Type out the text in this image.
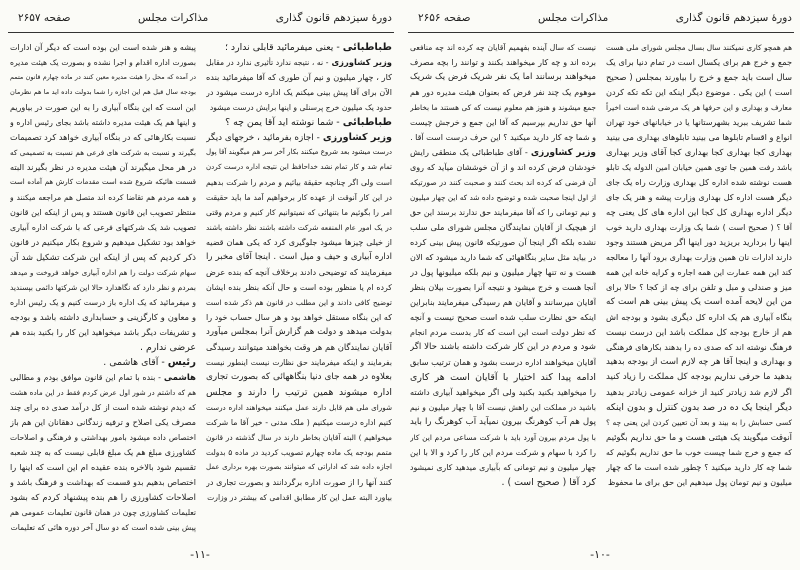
دورهٔ سیزدهم قانون گذاری
مذاکرات مجلس
صفحه ۲۶۵۷
طباطبائی- یعنی میفرمائید قابلی ندارد ؛
وزیر کشاورزی- نه ، نتیجه ندارد تأثیری ندارد در مقابل
کار ، چهار میلیون و نیم آن طوری که آقا میفرمائید بنده
الآن برای آقا پیش بینی میکنم یک اداره درست میشود در
حدود یک میلیون خرج پرسنلی و اینها برایش درست میشود
طباطبائی- شما نوشته اید آقا یمن چه ؟
وزیر کشاورزی- اجازه بفرمائید ، خرجهای دیگر
درست میشود بعد شروع میکنند بکار آخر سر هم میگویند آقا پول
تمام شد و کار تمام نشد خداحافظ این نتیجه اداره درست کردن
است ولی اگر چنانچه حقیقة بیائیم و مردم را شرکت بدهیم
در این کار آنوقت از عهده کار برخواهیم آمد ما باید حقیقت
امر را بگوئیم ما بتنهائی که نمیتوانیم کار کنیم و مردم وقتی
در یک امور عام المنفعه شرکت داشته باشند نظر داشته باشند
از خیلی چیزها میشود جلوگیری کرد که یکی همان قضیه
اداره آبیاری و حیف و میل است . اینجا آقای مخبر را
میفرمایند که توضیحی دادند برخلاف آنچه که بنده عرض
کرده ام یا منظور بوده است و حال آنکه بنظر بنده ایشان
توضیح کافی دادند و این مطلب در قانون هم ذکر شده است
که این بنگاه مستقل خواهد بود و هر سال حساب خود را
بدولت میدهد و دولت هم گزارش آنرا بمجلس میآورد
آقایان نمایندگان هم هر وقت بخواهند میتوانند رسیدگی
بفرمایند و اینکه میفرمایند حق نظارت نیست اینطور نیست
بعلاوه در همه جای دنیا بنگاههائی که بصورت تجاری
اداره میشوند همین ترتیب را دارند و مجلس
شورای ملی هم قابل دارند عمل میکنند میخواهند اداره درست
کنیم اداره درست میکنیم ( ملک مدنی - خیر آقا ما شرکت
میخواهیم ) البته آقایان بخاطر دارند در سال گذشته در قانون
متمم بودجه یک ماده چهارم تصویب کردید در ماده ۵ بدولت
اجازه داده شد که اداراتی که میتوانند بصورت بهره برداری عمل
کنند آنها را از صورت اداره برگردانند و بصورت تجاری در
بیاورد البته عمل این کار مطابق اقدامی که بیشتر در وزارت
پیشه و هنر شده است این بوده است که دیگر آن ادارات
بصورت اداره اقدام و اجرا نشده و بصورت یک هیئت مدیره
در آمده که محل را هیئت مدیره معین کنند در ماده چهارم قانون متمم
بودجه سال قبل هم این اجازه را شما بدولت داده اید ما هم نظرمان
این است که این بنگاه آبیاری را به این صورت در بیاوریم
و اینها هم یک هیئت مدیره داشته باشد بجای رئیس اداره و
نسبت بکارهائی که در بنگاه آبیاری خواهد کرد تصمیمات
بگیرند و نسبت به شرکت های فرعی هم نسبت به تصمیمی که
در هر محل میگیرند آن هیئت مدیره در نظر بگیرند البته
قسمت هائیکه شروع شده است مقدمات کارش هم آماده است
و همه مردم هم تقاضا کرده اند متصل هم مراجعه میکنند و
منتظر تصویب این قانون هستند و پس از اینکه این قانون
تصویب شد یک شرکتهای فرعی که با شرکت اداره آبیاری
خواهد بود تشکیل میدهیم و شروع بکار میکنیم در قانون
ذکر کردیم که پس از اینکه این شرکت تشکیل شد آن
سهام شرکت دولت را هم اداره آبیاری خواهد فروخت و میدهد
بمردم و نظر دارد که نگاهدارد حالا این شرکتها دائمی بپسندید
و میفرمائید که یک اداره باز درست کنیم و یک رئیس اداره
و معاون و کارگزینی و حسابداری داشته باشد و بودجه
و تشریفات دیگر باشد میخواهید این کار را بکنید بنده هم
عرضی ندارم .
رئیس- آقای هاشمی .
هاشمی- بنده با تمام این قانون موافق بودم و مطالبی
هم که داشتم در شور اول عرض کردم فقط در این ماده هشت
که دیدم نوشته شده است از کل درآمد صدی ده برای چند
مصرف یکی اصلاح و ترفیه زندگانی دهقانان این هم باز
اختصاص داده میشود بامور بهداشتی و فرهنگی و اصلاحات
کشاورزی مبلغ هم یک مبلغ قابلی نیست که به چند شعبه
تقسیم شود بالاخره بنده عقیده ام این است که اینها را
اختصاص بدهیم بدو قسمت که بهداشت و فرهنگ باشد و
اصلاحات کشاورزی را هم بنده پیشنهاد کردم که بشود
تعلیمات کشاورزی چون در همان قانون تعلیمات عمومی هم
پیش بینی شده است که دو سال آخر دوره هائی که تعلیمات
-۱۱-
دورهٔ سیزدهم قانون گذاری
مذاکرات مجلس
صفحه ۲۶۵۶
هم همچو کاری نمیکنند سال بسال مجلس شورای ملی هست
جمع و خرج هم برای یکسال است در تمام دنیا برای یک
سال است باید جمع و خرج را بیاورند بمجلس ( صحیح
است ) این یکی . موضوع دیگر اینکه این تکه تکه کردن
معارف و بهداری و این حرفها هر یک مرضی شده است اخیراً
شما تشریف ببرید بشهرستانها یا در خیابانهای خود تهران
انواع و اقسام تابلوها می بینید تابلوهای بهداری می بینید
بهداری کجا بهداری کجا بهداری کجا آقای وزیر بهداری
باشد رفت همین جا توی همین خیابان امین الدوله یک تابلو
هست نوشته شده اداره کل بهداری وزارت راه یک جای
دیگر هست اداره کل بهداری وزارت پیشه و هنر یک جای
دیگر اداره بهداری کل کجا این اداره های کل یعنی چه
آقا ؟ ( صحیح است ) شما یک وزارت بهداری دارید خوب
اینها را بردارید بریزید دور اینها اگر مریض هستند وجود
دارند ادارات نان همین وزارت بهداری برود آنها را معالجه
کند این همه عمارت این همه اجاره و کرایه خانه این همه
میز و صندلی و مبل و تلفن برای چه از کجا ؟ حالا برای
من این لایحه آمده است یک پیش بینی هم است که
بنگاه آبیاری هم یک اداره کل دیگری بشود و بودجه اش
هم از خارج بودجه کل مملکت باشد این درست نیست
فرهنگ نوشته اند که صدی ده را بدهند بکارهای فرهنگی
و بهداری و اینجا آقا هر چه لازم است از بودجه بدهید
بدهید ما حرفی نداریم بودجه کل مملکت را زیاد کنید
اگر لازم شد زیادتر کنید از خزانه عمومی زیادتر بدهید
دیگر اینجا یک ده در صد بدون کنترل و بدون اینکه
کسی حسابش را به بیند و بعد آن تعیین کردن این یعنی چه ؟
آنوقت میگویند یک هیئتی هست و ما حق نداریم بگوئیم
که جمع و خرج شما چیست خوب ما حق نداریم بگوئیم که
شما چه کار دارید میکنید ؟ چطور شده است ما که چهار
میلیون و نیم تومان پول میدهیم این حق برای ما محفوظ
نیست که سال آینده بفهمیم آقایان چه کرده اند چه منافعی
برده اند و چه کار میخواهند بکنند و توانند را بچه مصرف
میخواهند برسانند اما یک نفر شریک فرض یک شریک
موهوم یک چند نفر فرض که بعنوان هیئت مدیره دور هم
جمع میشوند و هنوز هم معلوم نیست که کی هستند ما بخاطر
آنها حق نداریم بپرسیم که آقا این جمع و خرجش چیست
و شما چه کار دارید میکنید ؟ این حرف درست است آقا .
وزیر کشاورزی- آقای طباطبائی یک منطقی رایش
خودشان فرض کرده اند و از آن خوششان میآید که روی
آن فرضی که کرده اند بحث کنند و صحبت کنند در صورتیکه
از اول اینجا صحبت شده و توضیح داده شد که این چهار میلیون
و نیم تومانی را که آقا میفرمایند حق ندارند برسند این حق
از هیچیک از آقایان نمایندگان مجلس شورای ملی سلب
نشده بلکه اگر اینجا آن صورتیکه قانون پیش بینی کرده
در بیاید مثل سایر بنگاههائی که شما دارید میشود که الان
هست و نه تنها چهار میلیون و نیم بلکه میلیونها پول در
آنجا هست و خرج میشود و نتیجه آنرا بصورت بیلان بنظر
آقایان میرسانند و آقایان هم رسیدگی میفرمایند بنابراین
اینکه حق نظارت سلب شده است صحیح نیست و آنچه
که نظر دولت است این است که کار بدست مردم انجام
شود و مردم در این کار شرکت داشته باشند حالا اگر
آقایان میخواهند اداره درست بشود و همان ترتیب سابق
ادامه پیدا کند اختیار با آقایان است هر کاری
را میخواهید بکنید بکنید ولی اگر میخواهید آبیاری داشته
باشید در مملکت این راهش نیست آقا با چهار میلیون و نیم
پول هم آب کوهرنگ بیرون نمیآید آب کوهرنگ را باید
با پول مردم بیرون آورد باید با شرکت مساعی مردم این کار
را کرد با سهام و شرکت مردم این کار را کرد و الا با این
چهار میلیون و نیم تومانی که بآبیاری میدهید کاری نمیشود
کرد آقا ( صحیح است ) .
-۱۰-
